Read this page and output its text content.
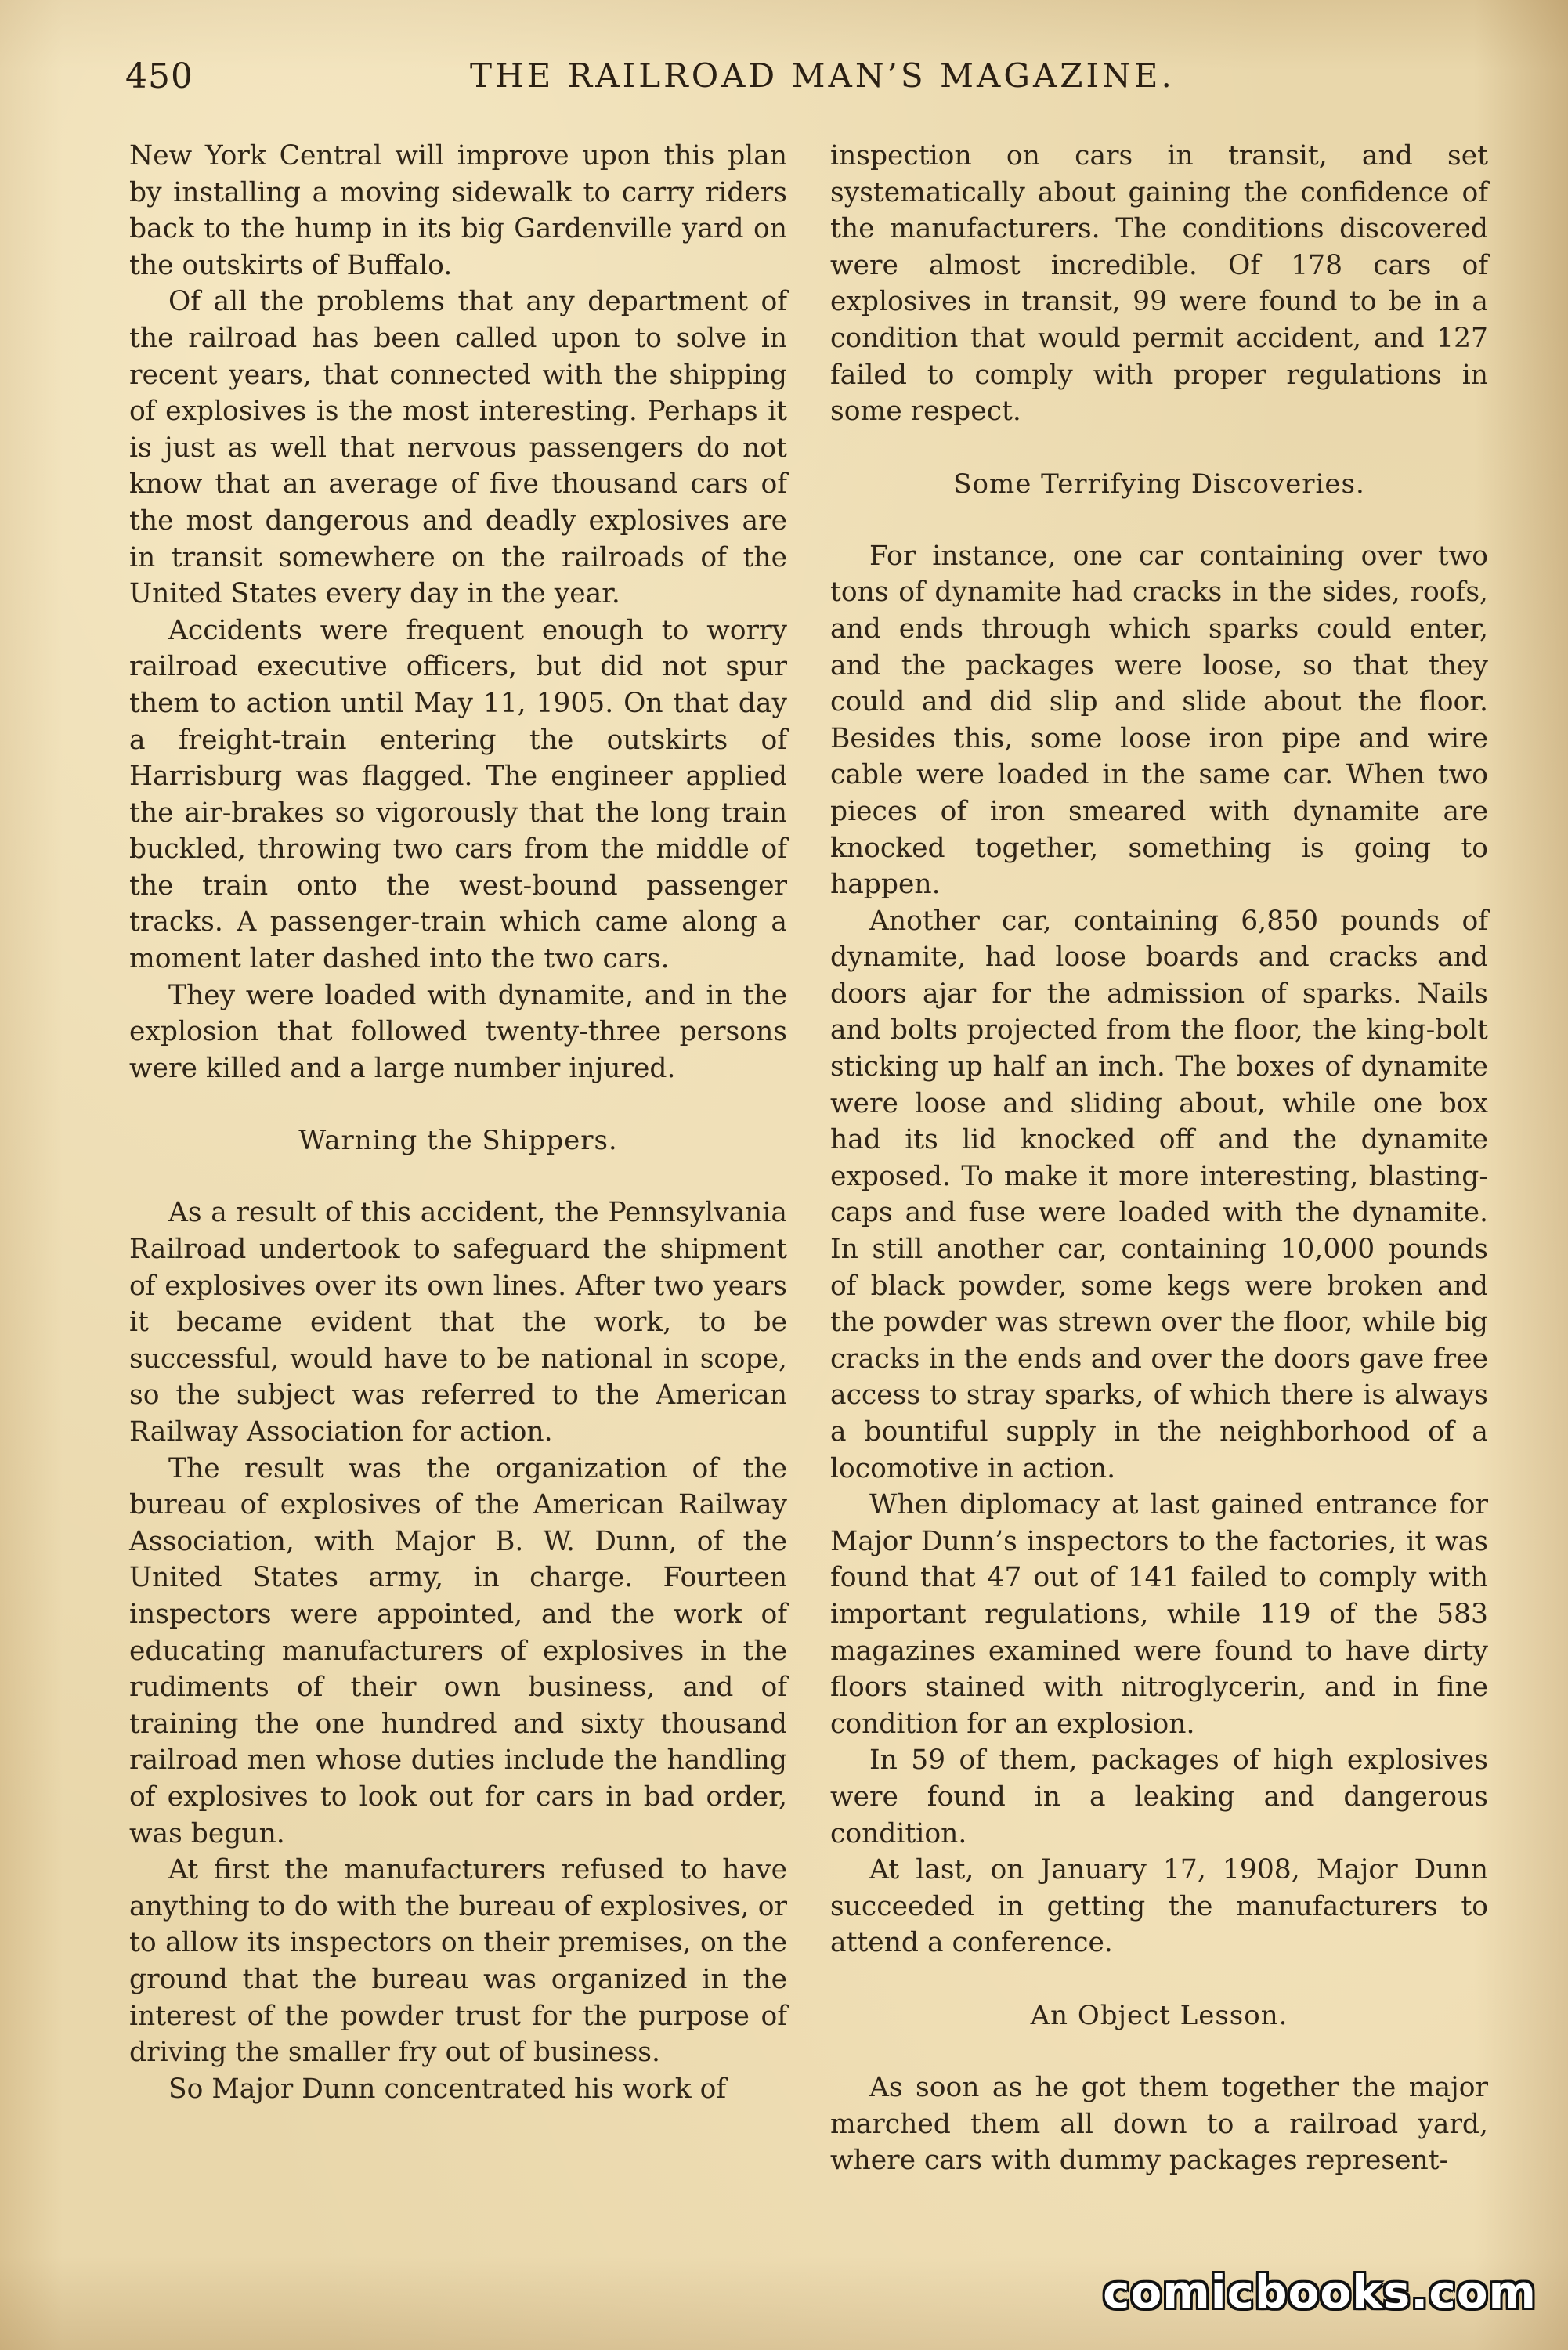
450	THE RAILROAD MAN’S MAGAZINE.

New York Central will improve upon this plan by installing a moving sidewalk to carry riders back to the hump in its big Gardenville yard on the outskirts of Buffalo.

Of all the problems that any department of the railroad has been called upon to solve in recent years, that connected with the shipping of explosives is the most interesting. Perhaps it is just as well that nervous passengers do not know that an average of five thousand cars of the most dangerous and deadly explosives are in transit somewhere on the railroads of the United States every day in the year.

Accidents were frequent enough to worry railroad executive officers, but did not spur them to action until May 11, 1905. On that day a freight-train entering the outskirts of Harrisburg was flagged. The engineer applied the air-brakes so vigorously that the long train buckled, throwing two cars from the middle of the train onto the west-bound passenger tracks. A passenger-train which came along a moment later dashed into the two cars.

They were loaded with dynamite, and in the explosion that followed twenty-three persons were killed and a large number injured.

Warning the Shippers.

As a result of this accident, the Pennsylvania Railroad undertook to safeguard the shipment of explosives over its own lines. After two years it became evident that the work, to be successful, would have to be national in scope, so the subject was referred to the American Railway Association for action.

The result was the organization of the bureau of explosives of the American Railway Association, with Major B. W. Dunn, of the United States army, in charge. Fourteen inspectors were appointed, and the work of educating manufacturers of explosives in the rudiments of their own business, and of training the one hundred and sixty thousand railroad men whose duties include the handling of explosives to look out for cars in bad order, was begun.

At first the manufacturers refused to have anything to do with the bureau of explosives, or to allow its inspectors on their premises, on the ground that the bureau was organized in the interest of the powder trust for the purpose of driving the smaller fry out of business.

So Major Dunn concentrated his work of

inspection on cars in transit, and set systematically about gaining the confidence of the manufacturers. The conditions discovered were almost incredible. Of 178 cars of explosives in transit, 99 were found to be in a condition that would permit accident, and 127 failed to comply with proper regulations in some respect.

Some Terrifying Discoveries.

For instance, one car containing over two tons of dynamite had cracks in the sides, roofs, and ends through which sparks could enter, and the packages were loose, so that they could and did slip and slide about the floor. Besides this, some loose iron pipe and wire cable were loaded in the same car. When two pieces of iron smeared with dynamite are knocked together, something is going to happen.

Another car, containing 6,850 pounds of dynamite, had loose boards and cracks and doors ajar for the admission of sparks. Nails and bolts projected from the floor, the king-bolt sticking up half an inch. The boxes of dynamite were loose and sliding about, while one box had its lid knocked off and the dynamite exposed. To make it more interesting, blasting-caps and fuse were loaded with the dynamite. In still another car, containing 10,000 pounds of black powder, some kegs were broken and the powder was strewn over the floor, while big cracks in the ends and over the doors gave free access to stray sparks, of which there is always a bountiful supply in the neighborhood of a locomotive in action.

When diplomacy at last gained entrance for Major Dunn’s inspectors to the factories, it was found that 47 out of 141 failed to comply with important regulations, while 119 of the 583 magazines examined were found to have dirty floors stained with nitroglycerin, and in fine condition for an explosion.

In 59 of them, packages of high explosives were found in a leaking and dangerous condition.

At last, on January 17, 1908, Major Dunn succeeded in getting the manufacturers to attend a conference.

An Object Lesson.

As soon as he got them together the major marched them all down to a railroad yard, where cars with dummy packages represent-

comicbooks.com
